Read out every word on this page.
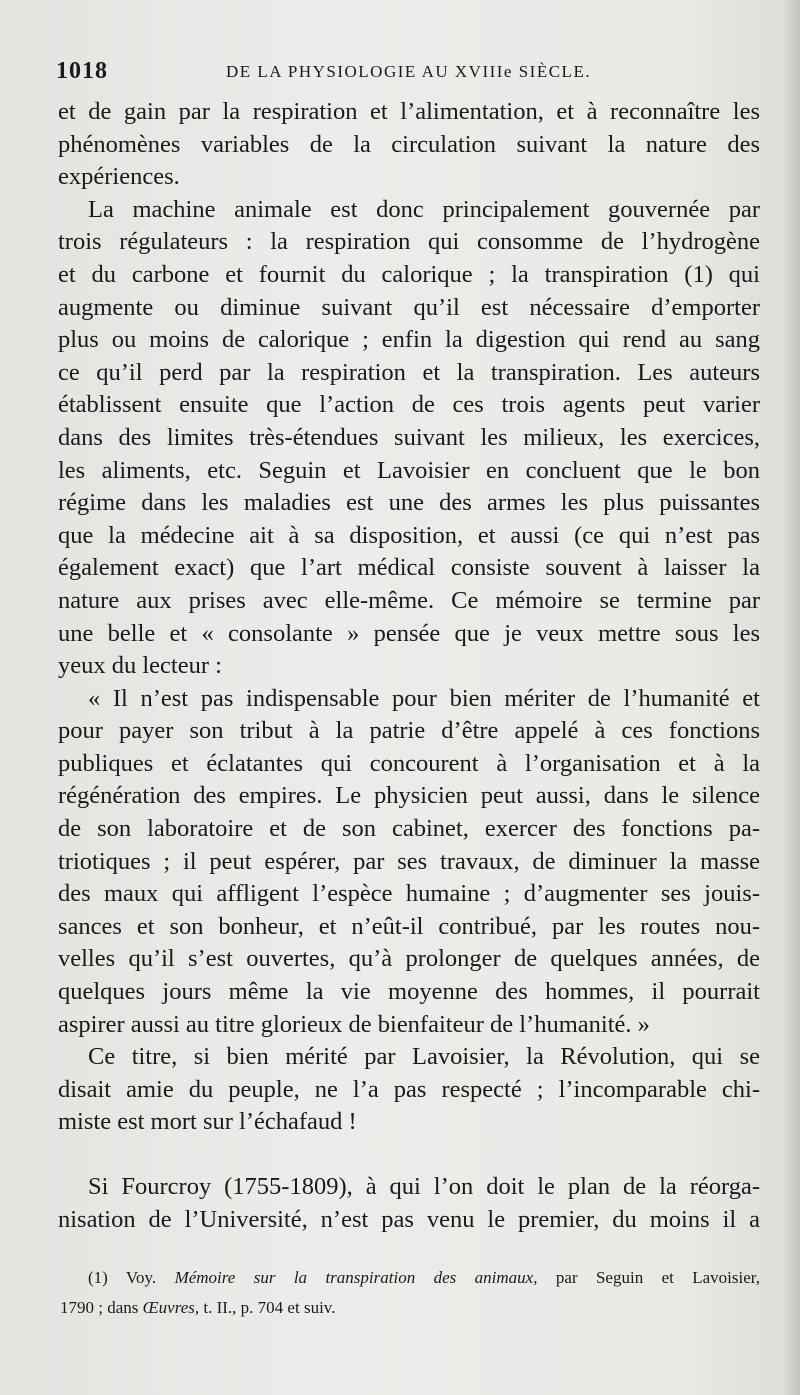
1018	DE LA PHYSIOLOGIE AU XVIIIe SIÈCLE.
et de gain par la respiration et l’alimentation, et à reconnaître les
phénomènes variables de la circulation suivant la nature des
expériences.
La machine animale est donc principalement gouvernée par
trois régulateurs : la respiration qui consomme de l’hydrogène
et du carbone et fournit du calorique ; la transpiration (1) qui
augmente ou diminue suivant qu’il est nécessaire d’emporter
plus ou moins de calorique ; enfin la digestion qui rend au sang
ce qu’il perd par la respiration et la transpiration. Les auteurs
établissent ensuite que l’action de ces trois agents peut varier
dans des limites très-étendues suivant les milieux, les exercices,
les aliments, etc. Seguin et Lavoisier en concluent que le bon
régime dans les maladies est une des armes les plus puissantes
que la médecine ait à sa disposition, et aussi (ce qui n’est pas
également exact) que l’art médical consiste souvent à laisser la
nature aux prises avec elle-même. Ce mémoire se termine par
une belle et « consolante » pensée que je veux mettre sous les
yeux du lecteur :
« Il n’est pas indispensable pour bien mériter de l’humanité et
pour payer son tribut à la patrie d’être appelé à ces fonctions
publiques et éclatantes qui concourent à l’organisation et à la
régénération des empires. Le physicien peut aussi, dans le silence
de son laboratoire et de son cabinet, exercer des fonctions pa-
triotiques ; il peut espérer, par ses travaux, de diminuer la masse
des maux qui affligent l’espèce humaine ; d’augmenter ses jouis-
sances et son bonheur, et n’eût-il contribué, par les routes nou-
velles qu’il s’est ouvertes, qu’à prolonger de quelques années, de
quelques jours même la vie moyenne des hommes, il pourrait
aspirer aussi au titre glorieux de bienfaiteur de l’humanité. »
Ce titre, si bien mérité par Lavoisier, la Révolution, qui se
disait amie du peuple, ne l’a pas respecté ; l’incomparable chi-
miste est mort sur l’échafaud !
Si Fourcroy (1755-1809), à qui l’on doit le plan de la réorga-
nisation de l’Université, n’est pas venu le premier, du moins il a
(1) Voy. Mémoire sur la transpiration des animaux, par Seguin et Lavoisier,
1790 ; dans Œuvres, t. II., p. 704 et suiv.
